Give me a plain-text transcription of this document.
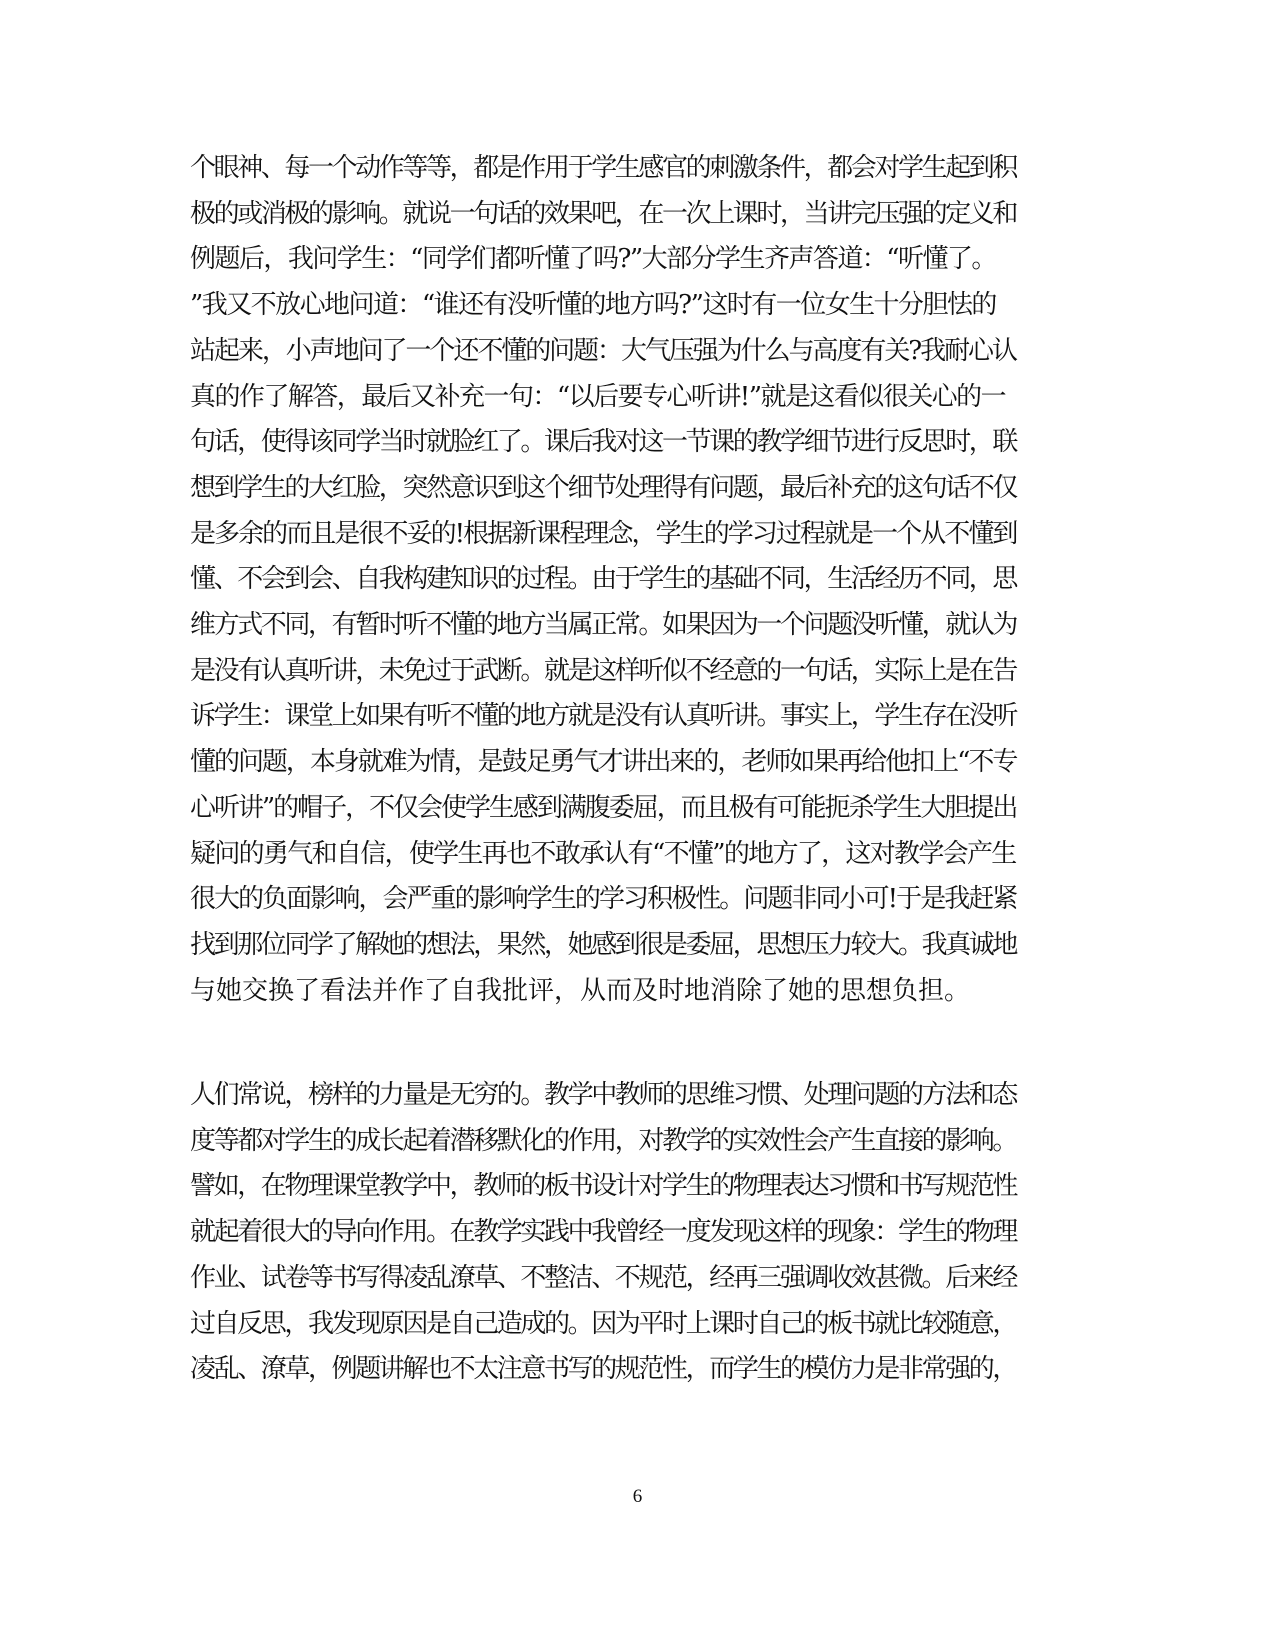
个眼神、每一个动作等等，都是作用于学生感官的刺激条件，都会对学生起到积
极的或消极的影响。就说一句话的效果吧，在一次上课时，当讲完压强的定义和
例题后，我问学生：“同学们都听懂了吗?”大部分学生齐声答道：“听懂了。
”我又不放心地问道：“谁还有没听懂的地方吗?”这时有一位女生十分胆怯的
站起来，小声地问了一个还不懂的问题：大气压强为什么与高度有关?我耐心认
真的作了解答，最后又补充一句：“以后要专心听讲!”就是这看似很关心的一
句话，使得该同学当时就脸红了。课后我对这一节课的教学细节进行反思时，联
想到学生的大红脸，突然意识到这个细节处理得有问题，最后补充的这句话不仅
是多余的而且是很不妥的!根据新课程理念，学生的学习过程就是一个从不懂到
懂、不会到会、自我构建知识的过程。由于学生的基础不同，生活经历不同，思
维方式不同，有暂时听不懂的地方当属正常。如果因为一个问题没听懂，就认为
是没有认真听讲，未免过于武断。就是这样听似不经意的一句话，实际上是在告
诉学生：课堂上如果有听不懂的地方就是没有认真听讲。事实上，学生存在没听
懂的问题，本身就难为情，是鼓足勇气才讲出来的，老师如果再给他扣上“不专
心听讲”的帽子，不仅会使学生感到满腹委屈，而且极有可能扼杀学生大胆提出
疑问的勇气和自信，使学生再也不敢承认有“不懂”的地方了，这对教学会产生
很大的负面影响，会严重的影响学生的学习积极性。问题非同小可!于是我赶紧
找到那位同学了解她的想法，果然，她感到很是委屈，思想压力较大。我真诚地
与她交换了看法并作了自我批评，从而及时地消除了她的思想负担。
人们常说，榜样的力量是无穷的。教学中教师的思维习惯、处理问题的方法和态
度等都对学生的成长起着潜移默化的作用，对教学的实效性会产生直接的影响。
譬如，在物理课堂教学中，教师的板书设计对学生的物理表达习惯和书写规范性
就起着很大的导向作用。在教学实践中我曾经一度发现这样的现象：学生的物理
作业、试卷等书写得凌乱潦草、不整洁、不规范，经再三强调收效甚微。后来经
过自反思，我发现原因是自己造成的。因为平时上课时自己的板书就比较随意，
凌乱、潦草，例题讲解也不太注意书写的规范性，而学生的模仿力是非常强的，
6
